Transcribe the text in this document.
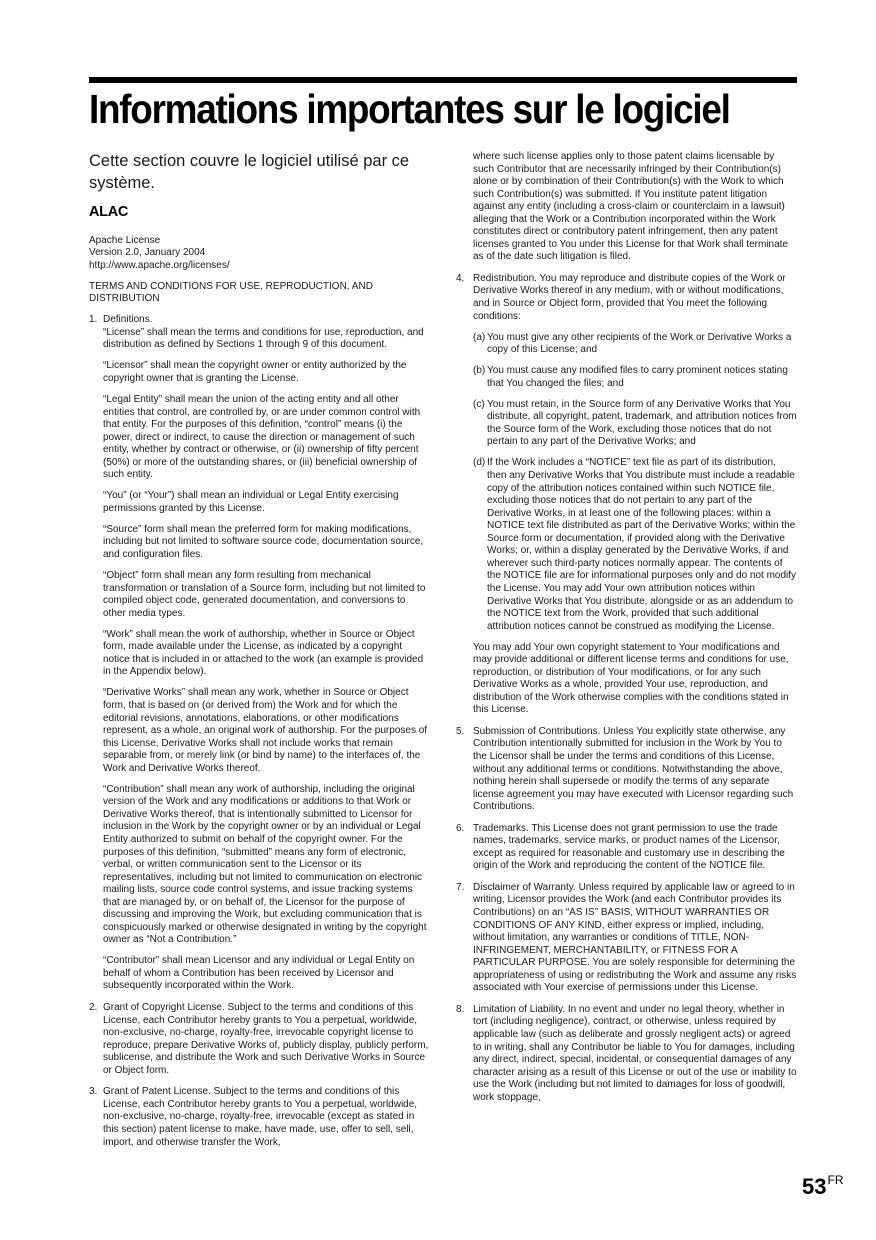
Informations importantes sur le logiciel

Cette section couvre le logiciel utilisé par ce système.

ALAC

Apache License

Version 2.0, January 2004

http://www.apache.org/licenses/

TERMS AND CONDITIONS FOR USE, REPRODUCTION, AND DISTRIBUTION

1. Definitions.

“License” shall mean the terms and conditions for use, reproduction, and distribution as defined by Sections 1 through 9 of this document.

“Licensor” shall mean the copyright owner or entity authorized by the copyright owner that is granting the License.

“Legal Entity” shall mean the union of the acting entity and all other entities that control, are controlled by, or are under common control with that entity. For the purposes of this definition, “control” means (i) the power, direct or indirect, to cause the direction or management of such entity, whether by contract or otherwise, or (ii) ownership of fifty percent (50%) or more of the outstanding shares, or (iii) beneficial ownership of such entity.

“You” (or “Your”) shall mean an individual or Legal Entity exercising permissions granted by this License.

“Source” form shall mean the preferred form for making modifications, including but not limited to software source code, documentation source, and configuration files.

“Object” form shall mean any form resulting from mechanical transformation or translation of a Source form, including but not limited to compiled object code, generated documentation, and conversions to other media types.

“Work” shall mean the work of authorship, whether in Source or Object form, made available under the License, as indicated by a copyright notice that is included in or attached to the work (an example is provided in the Appendix below).

“Derivative Works” shall mean any work, whether in Source or Object form, that is based on (or derived from) the Work and for which the editorial revisions, annotations, elaborations, or other modifications represent, as a whole, an original work of authorship. For the purposes of this License, Derivative Works shall not include works that remain separable from, or merely link (or bind by name) to the interfaces of, the Work and Derivative Works thereof.

“Contribution” shall mean any work of authorship, including the original version of the Work and any modifications or additions to that Work or Derivative Works thereof, that is intentionally submitted to Licensor for inclusion in the Work by the copyright owner or by an individual or Legal Entity authorized to submit on behalf of the copyright owner. For the purposes of this definition, “submitted” means any form of electronic, verbal, or written communication sent to the Licensor or its representatives, including but not limited to communication on electronic mailing lists, source code control systems, and issue tracking systems that are managed by, or on behalf of, the Licensor for the purpose of discussing and improving the Work, but excluding communication that is conspicuously marked or otherwise designated in writing by the copyright owner as “Not a Contribution.”

“Contributor” shall mean Licensor and any individual or Legal Entity on behalf of whom a Contribution has been received by Licensor and subsequently incorporated within the Work.

2. Grant of Copyright License. Subject to the terms and conditions of this License, each Contributor hereby grants to You a perpetual, worldwide, non-exclusive, no-charge, royalty-free, irrevocable copyright license to reproduce, prepare Derivative Works of, publicly display, publicly perform, sublicense, and distribute the Work and such Derivative Works in Source or Object form.

3. Grant of Patent License. Subject to the terms and conditions of this License, each Contributor hereby grants to You a perpetual, worldwide, non-exclusive, no-charge, royalty-free, irrevocable (except as stated in this section) patent license to make, have made, use, offer to sell, sell, import, and otherwise transfer the Work,

where such license applies only to those patent claims licensable by such Contributor that are necessarily infringed by their Contribution(s) alone or by combination of their Contribution(s) with the Work to which such Contribution(s) was submitted. If You institute patent litigation against any entity (including a cross-claim or counterclaim in a lawsuit) alleging that the Work or a Contribution incorporated within the Work constitutes direct or contributory patent infringement, then any patent licenses granted to You under this License for that Work shall terminate as of the date such litigation is filed.

4. Redistribution. You may reproduce and distribute copies of the Work or Derivative Works thereof in any medium, with or without modifications, and in Source or Object form, provided that You meet the following conditions:

(a) You must give any other recipients of the Work or Derivative Works a copy of this License; and

(b) You must cause any modified files to carry prominent notices stating that You changed the files; and

(c) You must retain, in the Source form of any Derivative Works that You distribute, all copyright, patent, trademark, and attribution notices from the Source form of the Work, excluding those notices that do not pertain to any part of the Derivative Works; and

(d) If the Work includes a “NOTICE” text file as part of its distribution, then any Derivative Works that You distribute must include a readable copy of the attribution notices contained within such NOTICE file, excluding those notices that do not pertain to any part of the Derivative Works, in at least one of the following places: within a NOTICE text file distributed as part of the Derivative Works; within the Source form or documentation, if provided along with the Derivative Works; or, within a display generated by the Derivative Works, if and wherever such third-party notices normally appear. The contents of the NOTICE file are for informational purposes only and do not modify the License. You may add Your own attribution notices within Derivative Works that You distribute, alongside or as an addendum to the NOTICE text from the Work, provided that such additional attribution notices cannot be construed as modifying the License.

You may add Your own copyright statement to Your modifications and may provide additional or different license terms and conditions for use, reproduction, or distribution of Your modifications, or for any such Derivative Works as a whole, provided Your use, reproduction, and distribution of the Work otherwise complies with the conditions stated in this License.

5. Submission of Contributions. Unless You explicitly state otherwise, any Contribution intentionally submitted for inclusion in the Work by You to the Licensor shall be under the terms and conditions of this License, without any additional terms or conditions. Notwithstanding the above, nothing herein shall supersede or modify the terms of any separate license agreement you may have executed with Licensor regarding such Contributions.

6. Trademarks. This License does not grant permission to use the trade names, trademarks, service marks, or product names of the Licensor, except as required for reasonable and customary use in describing the origin of the Work and reproducing the content of the NOTICE file.

7. Disclaimer of Warranty. Unless required by applicable law or agreed to in writing, Licensor provides the Work (and each Contributor provides its Contributions) on an “AS IS” BASIS, WITHOUT WARRANTIES OR CONDITIONS OF ANY KIND, either express or implied, including, without limitation, any warranties or conditions of TITLE, NON-INFRINGEMENT, MERCHANTABILITY, or FITNESS FOR A PARTICULAR PURPOSE. You are solely responsible for determining the appropriateness of using or redistributing the Work and assume any risks associated with Your exercise of permissions under this License.

8. Limitation of Liability. In no event and under no legal theory, whether in tort (including negligence), contract, or otherwise, unless required by applicable law (such as deliberate and grossly negligent acts) or agreed to in writing, shall any Contributor be liable to You for damages, including any direct, indirect, special, incidental, or consequential damages of any character arising as a result of this License or out of the use or inability to use the Work (including but not limited to damages for loss of goodwill, work stoppage,

$53^{FR}$
